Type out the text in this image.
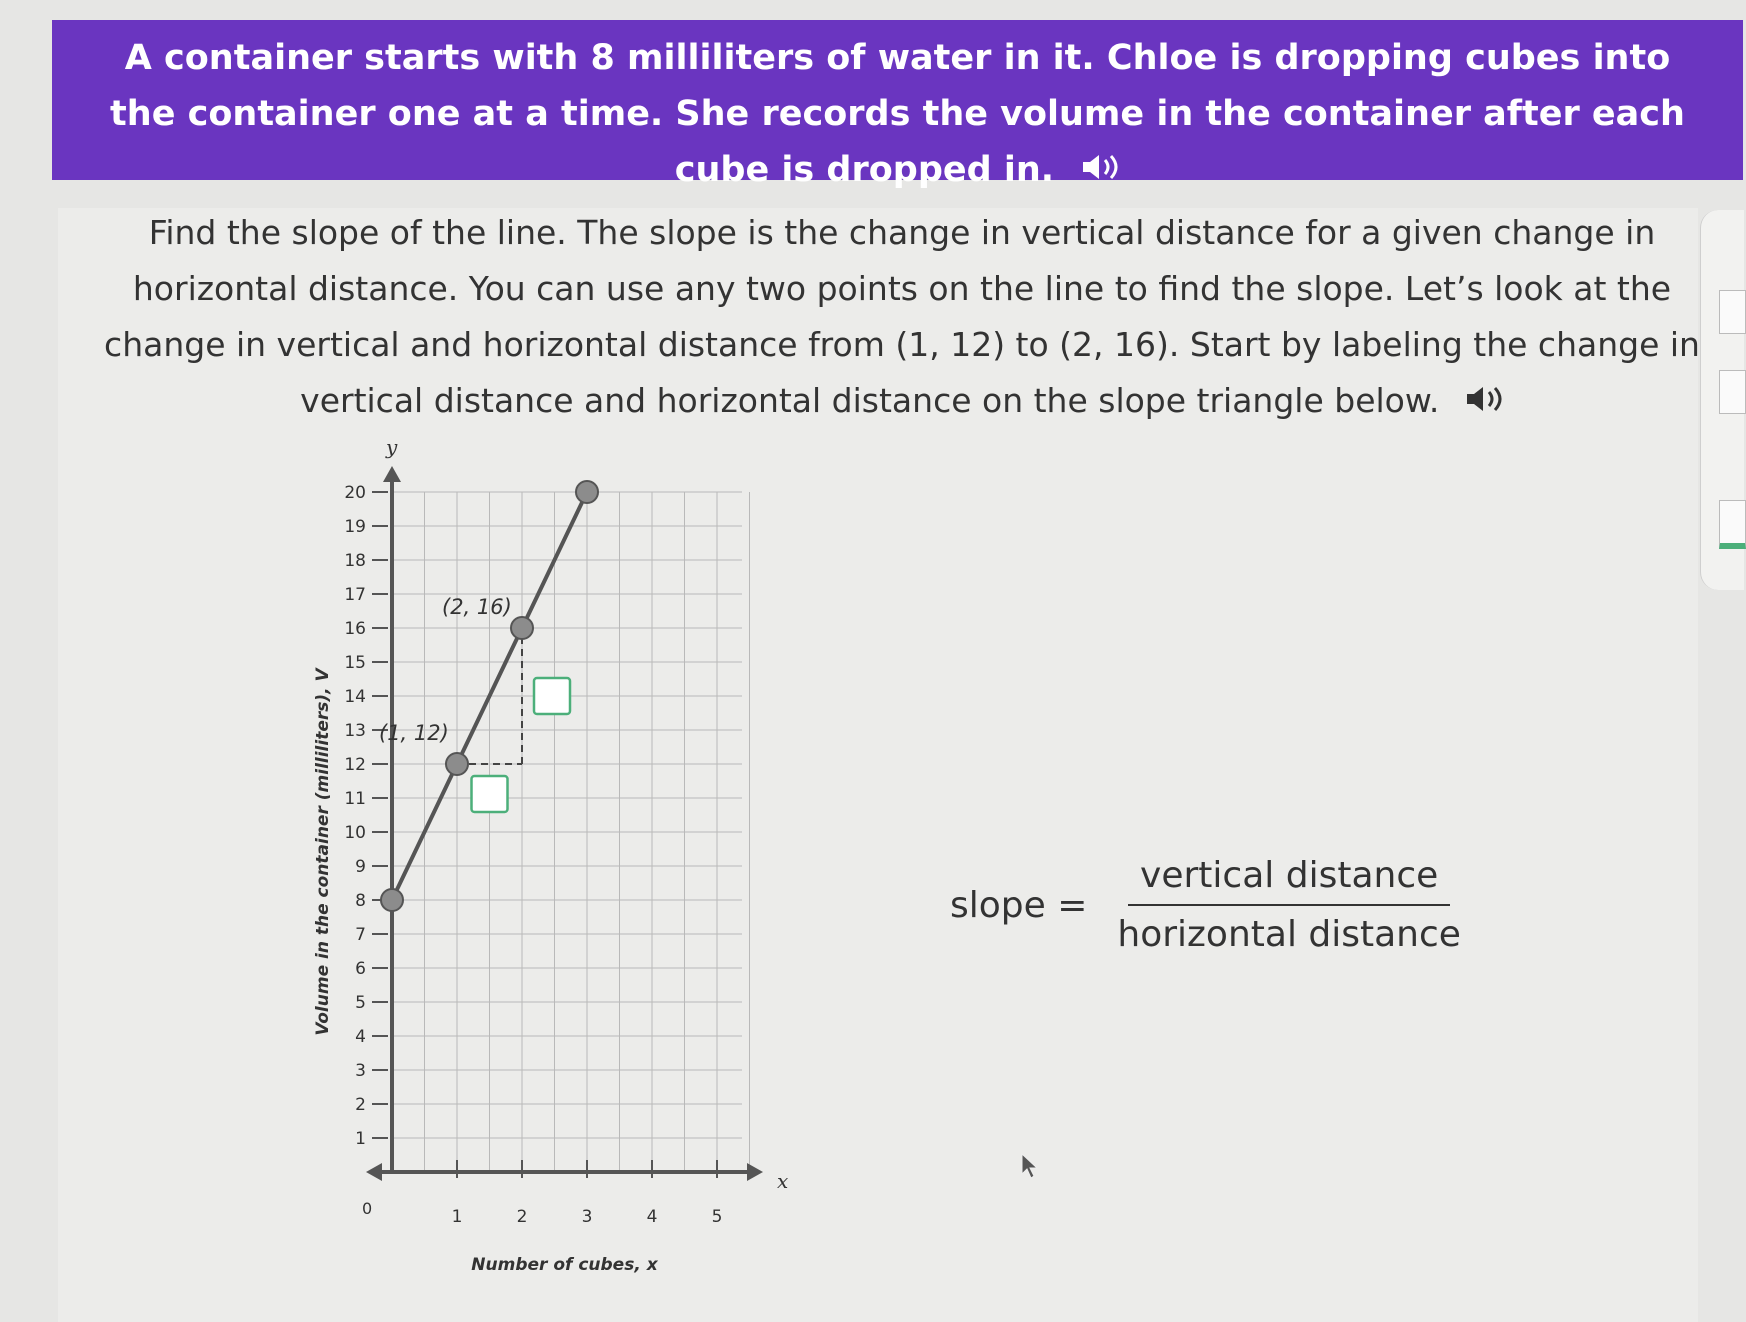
A container starts with 8 milliliters of water in it. Chloe is dropping cubes into the container one at a time. She records the volume in the container after each cube is dropped in.
Find the slope of the line. The slope is the change in vertical distance for a given change in horizontal distance. You can use any two points on the line to find the slope. Let’s look at the change in vertical and horizontal distance from (1, 12) to (2, 16). Start by labeling the change in vertical distance and horizontal distance on the slope triangle below.
1
2
3
4
5
6
7
8
9
10
11
12
13
14
15
16
17
18
19
20
1	2	3	4	5
y
x
0
(1, 12)
(2, 16)
Volume in the container (milliliters), V
Number of cubes, x
slope = $\frac{\text{vertical distance}}{\text{horizontal distance}}$
